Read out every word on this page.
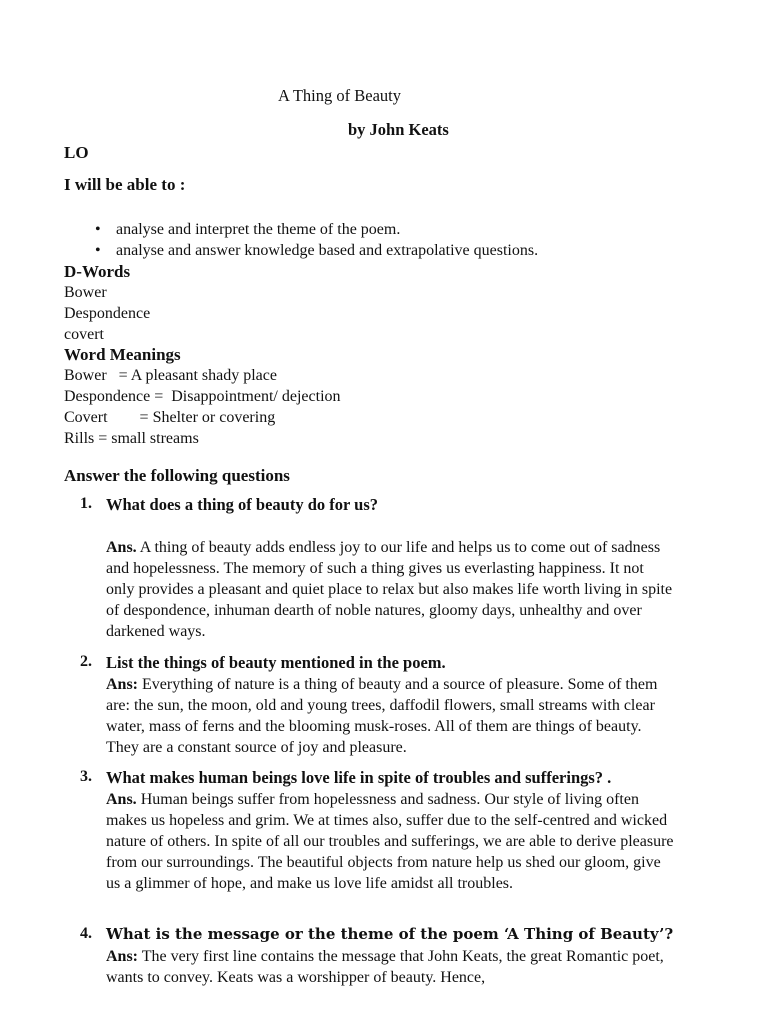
A Thing of Beauty
by John Keats
LO
I will be able to :
• analyse and interpret the theme of the poem.
• analyse and answer knowledge based and extrapolative questions.
D-Words
Bower
Despondence
covert
Word Meanings
Bower   = A pleasant shady place
Despondence =  Disappointment/ dejection
Covert        = Shelter or covering
Rills = small streams
Answer the following questions
1. What does a thing of beauty do for us?
Ans. A thing of beauty adds endless joy to our life and helps us to come out of sadness and hopelessness. The memory of such a thing gives us everlasting happiness. It not only provides a pleasant and quiet place to relax but also makes life worth living in spite of despondence, inhuman dearth of noble natures, gloomy days, unhealthy and over darkened ways.
2. List the things of beauty mentioned in the poem.
Ans: Everything of nature is a thing of beauty and a source of pleasure. Some of them are: the sun, the moon, old and young trees, daffodil flowers, small streams with clear water, mass of ferns and the blooming musk-roses. All of them are things of beauty. They are a constant source of joy and pleasure.
3. What makes human beings love life in spite of troubles and sufferings? .
Ans. Human beings suffer from hopelessness and sadness. Our style of living often makes us hopeless and grim. We at times also, suffer due to the self-centred and wicked nature of others. In spite of all our troubles and sufferings, we are able to derive pleasure from our surroundings. The beautiful objects from nature help us shed our gloom, give us a glimmer of hope, and make us love life amidst all troubles.
4. What is the message or the theme of the poem ‘A Thing of Beauty’?
Ans: The very first line contains the message that John Keats, the great Romantic poet, wants to convey. Keats was a worshipper of beauty. Hence,
